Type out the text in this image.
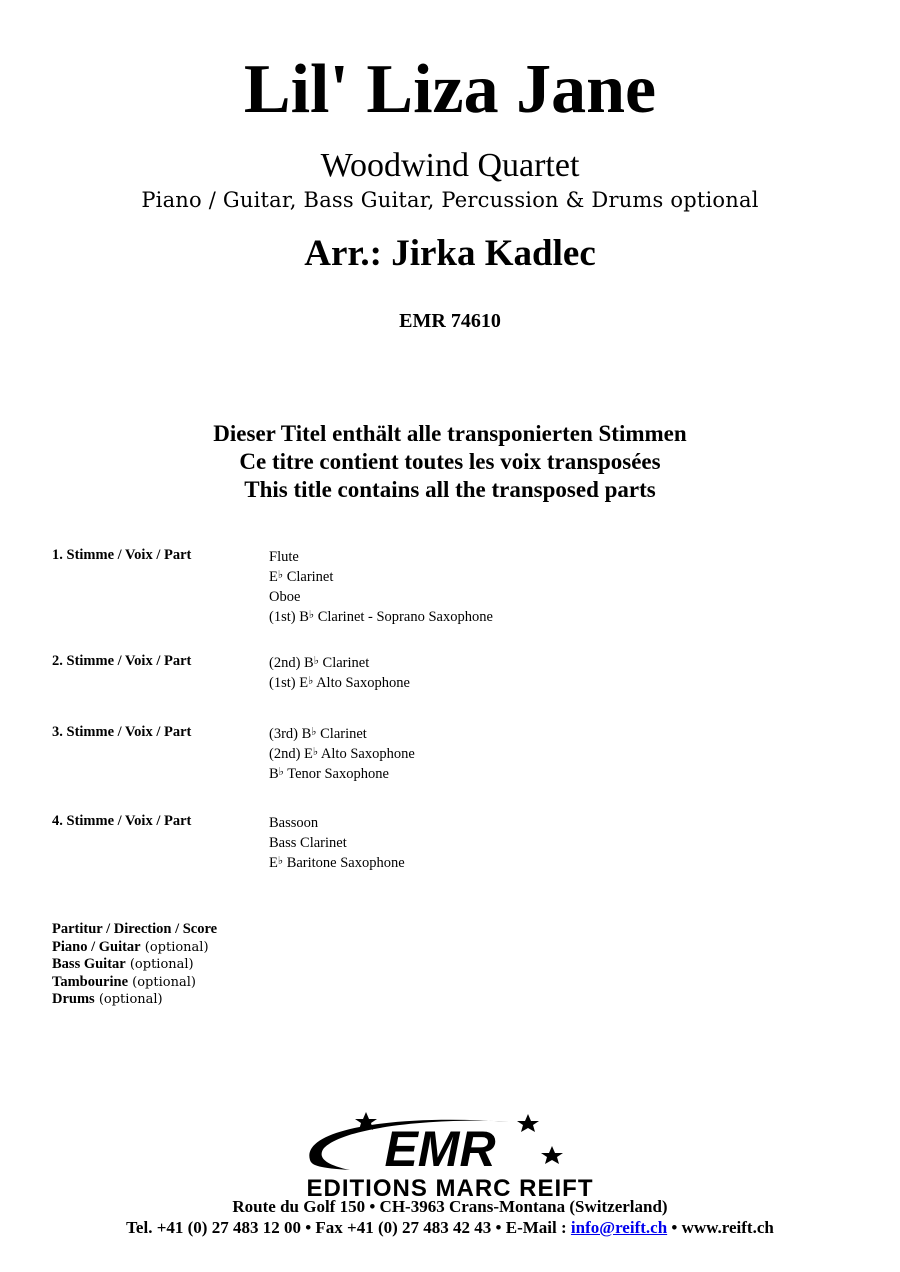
Lil' Liza Jane
Woodwind Quartet
Piano / Guitar, Bass Guitar, Percussion & Drums optional
Arr.: Jirka Kadlec
EMR 74610
Dieser Titel enthält alle transponierten Stimmen
Ce titre contient toutes les voix transposées
This title contains all the transposed parts
1. Stimme / Voix / Part	Flute
E♭ Clarinet
Oboe
(1st) B♭ Clarinet - Soprano Saxophone
2. Stimme / Voix / Part	(2nd) B♭ Clarinet
(1st) E♭ Alto Saxophone
3. Stimme / Voix / Part	(3rd) B♭ Clarinet
(2nd) E♭ Alto Saxophone
B♭ Tenor Saxophone
4. Stimme / Voix / Part	Bassoon
Bass Clarinet
E♭ Baritone Saxophone
Partitur / Direction / Score
Piano / Guitar (optional)
Bass Guitar (optional)
Tambourine (optional)
Drums (optional)
EMR
EDITIONS MARC REIFT
Route du Golf 150 • CH-3963 Crans-Montana (Switzerland)
Tel. +41 (0) 27 483 12 00 • Fax +41 (0) 27 483 42 43 • E-Mail : info@reift.ch • www.reift.ch
